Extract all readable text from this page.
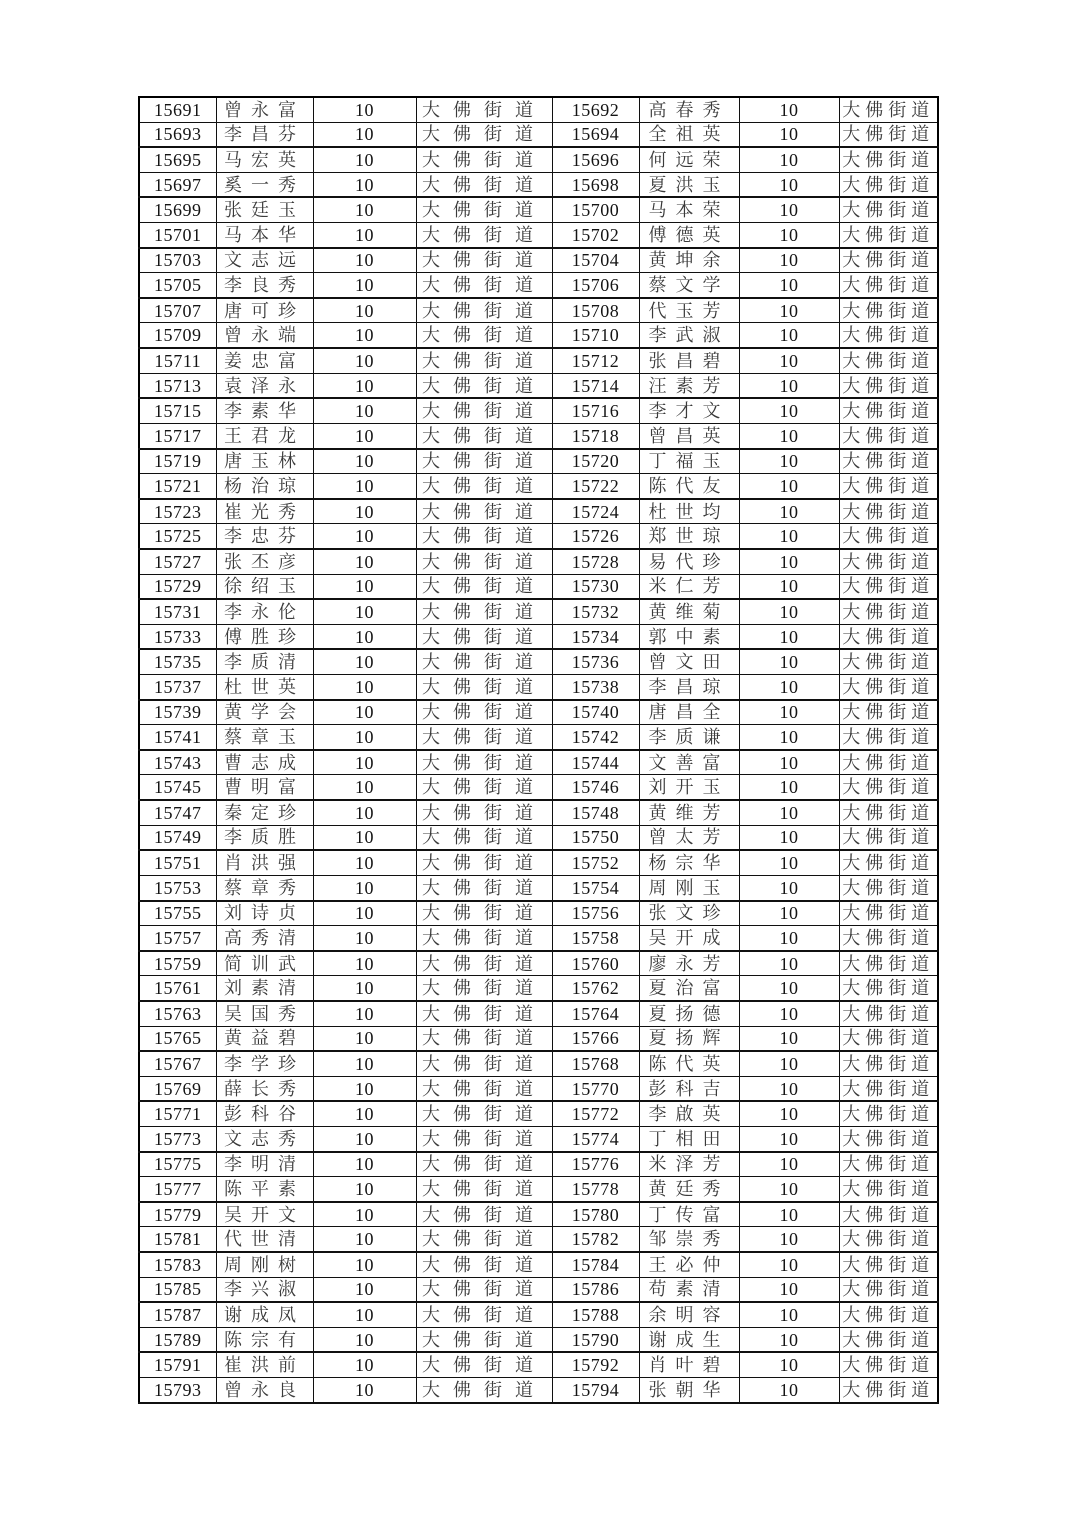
15691	曾永富	10	大佛街道	15692	高春秀	10	大佛街道
15693	李昌芬	10	大佛街道	15694	全祖英	10	大佛街道
15695	马宏英	10	大佛街道	15696	何远荣	10	大佛街道
15697	奚一秀	10	大佛街道	15698	夏洪玉	10	大佛街道
15699	张廷玉	10	大佛街道	15700	马本荣	10	大佛街道
15701	马本华	10	大佛街道	15702	傅德英	10	大佛街道
15703	文志远	10	大佛街道	15704	黄坤余	10	大佛街道
15705	李良秀	10	大佛街道	15706	蔡文学	10	大佛街道
15707	唐可珍	10	大佛街道	15708	代玉芳	10	大佛街道
15709	曾永端	10	大佛街道	15710	李武淑	10	大佛街道
15711	姜忠富	10	大佛街道	15712	张昌碧	10	大佛街道
15713	袁泽永	10	大佛街道	15714	汪素芳	10	大佛街道
15715	李素华	10	大佛街道	15716	李才文	10	大佛街道
15717	王君龙	10	大佛街道	15718	曾昌英	10	大佛街道
15719	唐玉林	10	大佛街道	15720	丁福玉	10	大佛街道
15721	杨治琼	10	大佛街道	15722	陈代友	10	大佛街道
15723	崔光秀	10	大佛街道	15724	杜世均	10	大佛街道
15725	李忠芬	10	大佛街道	15726	郑世琼	10	大佛街道
15727	张丕彦	10	大佛街道	15728	易代珍	10	大佛街道
15729	徐绍玉	10	大佛街道	15730	米仁芳	10	大佛街道
15731	李永伦	10	大佛街道	15732	黄维菊	10	大佛街道
15733	傅胜珍	10	大佛街道	15734	郭中素	10	大佛街道
15735	李质清	10	大佛街道	15736	曾文田	10	大佛街道
15737	杜世英	10	大佛街道	15738	李昌琼	10	大佛街道
15739	黄学会	10	大佛街道	15740	唐昌全	10	大佛街道
15741	蔡章玉	10	大佛街道	15742	李质谦	10	大佛街道
15743	曹志成	10	大佛街道	15744	文善富	10	大佛街道
15745	曹明富	10	大佛街道	15746	刘开玉	10	大佛街道
15747	秦定珍	10	大佛街道	15748	黄维芳	10	大佛街道
15749	李质胜	10	大佛街道	15750	曾太芳	10	大佛街道
15751	肖洪强	10	大佛街道	15752	杨宗华	10	大佛街道
15753	蔡章秀	10	大佛街道	15754	周刚玉	10	大佛街道
15755	刘诗贞	10	大佛街道	15756	张文珍	10	大佛街道
15757	高秀清	10	大佛街道	15758	吴开成	10	大佛街道
15759	简训武	10	大佛街道	15760	廖永芳	10	大佛街道
15761	刘素清	10	大佛街道	15762	夏治富	10	大佛街道
15763	吴国秀	10	大佛街道	15764	夏扬德	10	大佛街道
15765	黄益碧	10	大佛街道	15766	夏扬辉	10	大佛街道
15767	李学珍	10	大佛街道	15768	陈代英	10	大佛街道
15769	薛长秀	10	大佛街道	15770	彭科吉	10	大佛街道
15771	彭科谷	10	大佛街道	15772	李啟英	10	大佛街道
15773	文志秀	10	大佛街道	15774	丁相田	10	大佛街道
15775	李明清	10	大佛街道	15776	米泽芳	10	大佛街道
15777	陈平素	10	大佛街道	15778	黄廷秀	10	大佛街道
15779	吴开文	10	大佛街道	15780	丁传富	10	大佛街道
15781	代世清	10	大佛街道	15782	邹崇秀	10	大佛街道
15783	周刚树	10	大佛街道	15784	王必仲	10	大佛街道
15785	李兴淑	10	大佛街道	15786	苟素清	10	大佛街道
15787	谢成凤	10	大佛街道	15788	余明容	10	大佛街道
15789	陈宗有	10	大佛街道	15790	谢成生	10	大佛街道
15791	崔洪前	10	大佛街道	15792	肖叶碧	10	大佛街道
15793	曾永良	10	大佛街道	15794	张朝华	10	大佛街道
